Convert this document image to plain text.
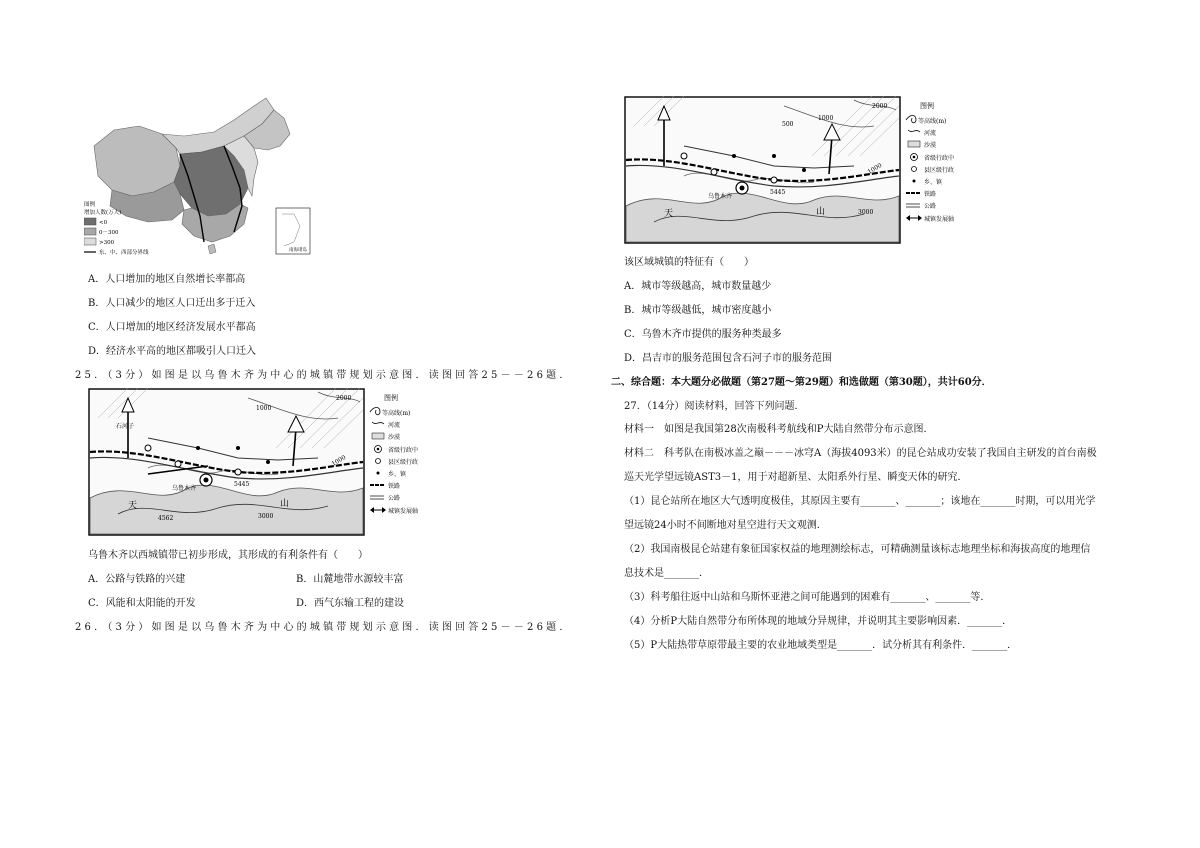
南海诸岛
图例
增加人数(万人)
<0
0－300
>300
东、中、西部分界线
A．人口增加的地区自然增长率都高
B．人口减少的地区人口迁出多于迁入
C．人口增加的地区经济发展水平都高
D．经济水平高的地区都吸引人口迁入
25．（3分）如图是以乌鲁木齐为中心的城镇带规划示意图．读图回答25－－26题．
1000
2000
1000
3000
石河子
乌鲁木齐
5445
4562
天	山
图例
等高线(m)
河流
沙漠
省级行政中
县区级行政
乡、镇
铁路
公路
城镇发展轴
乌鲁木齐以西城镇带已初步形成，其形成的有利条件有（　　）
A．公路与铁路的兴建	B．山麓地带水源较丰富
C．风能和太阳能的开发	D．西气东输工程的建设
26．（3分）如图是以乌鲁木齐为中心的城镇带规划示意图．读图回答25－－26题．
1000
2000
500
1000
3000
乌鲁木齐
5445
天	山
图例
等高线(m)
河流
沙漠
省级行政中
县区级行政
乡、镇
铁路
公路
城镇发展轴
该区域城镇的特征有（　　）
A．城市等级越高，城市数量越少
B．城市等级越低，城市密度越小
C．乌鲁木齐市提供的服务种类最多
D．昌吉市的服务范围包含石河子市的服务范围
二、综合题：本大题分必做题（第27题～第29题）和选做题（第30题），共计60分．
27．（14分）阅读材料，回答下列问题．
材料一　如图是我国第28次南极科考航线和P大陆自然带分布示意图．
材料二　科考队在南极冰盖之巅－－－冰穹A（海拔4093米）的昆仑站成功安装了我国自主研发的首台南极
巡天光学望远镜AST3－1，用于对超新星、太阳系外行星、瞬变天体的研究．
（1）昆仑站所在地区大气透明度极佳，其原因主要有_______、_______；该地在_______时期，可以用光学
望远镜24小时不间断地对星空进行天文观测．
（2）我国南极昆仑站建有象征国家权益的地理测绘标志，可精确测量该标志地理坐标和海拔高度的地理信
息技术是_______．
（3）科考船往返中山站和乌斯怀亚港之间可能遇到的困难有_______、_______等．
（4）分析P大陆自然带分布所体现的地域分异规律，并说明其主要影响因素．_______．
（5）P大陆热带草原带最主要的农业地域类型是_______．试分析其有利条件．_______．
